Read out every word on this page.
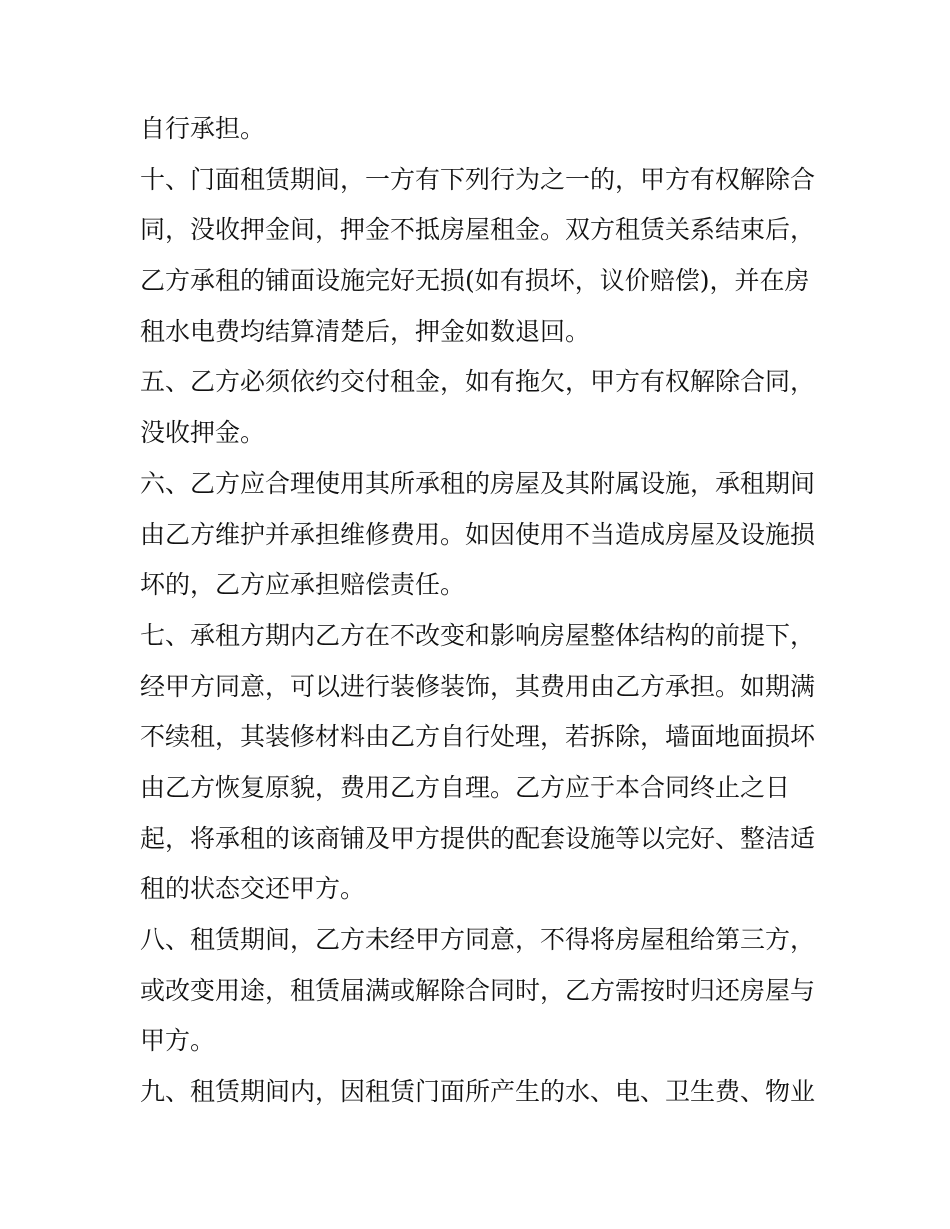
自行承担。
十、门面租赁期间，一方有下列行为之一的，甲方有权解除合
同，没收押金间，押金不抵房屋租金。双方租赁关系结束后，
乙方承租的铺面设施完好无损(如有损坏，议价赔偿)，并在房
租水电费均结算清楚后，押金如数退回。
五、乙方必须依约交付租金，如有拖欠，甲方有权解除合同，
没收押金。
六、乙方应合理使用其所承租的房屋及其附属设施，承租期间
由乙方维护并承担维修费用。如因使用不当造成房屋及设施损
坏的，乙方应承担赔偿责任。
七、承租方期内乙方在不改变和影响房屋整体结构的前提下，
经甲方同意，可以进行装修装饰，其费用由乙方承担。如期满
不续租，其装修材料由乙方自行处理，若拆除，墙面地面损坏
由乙方恢复原貌，费用乙方自理。乙方应于本合同终止之日
起，将承租的该商铺及甲方提供的配套设施等以完好、整洁适
租的状态交还甲方。
八、租赁期间，乙方未经甲方同意，不得将房屋租给第三方，
或改变用途，租赁届满或解除合同时，乙方需按时归还房屋与
甲方。
九、租赁期间内，因租赁门面所产生的水、电、卫生费、物业
